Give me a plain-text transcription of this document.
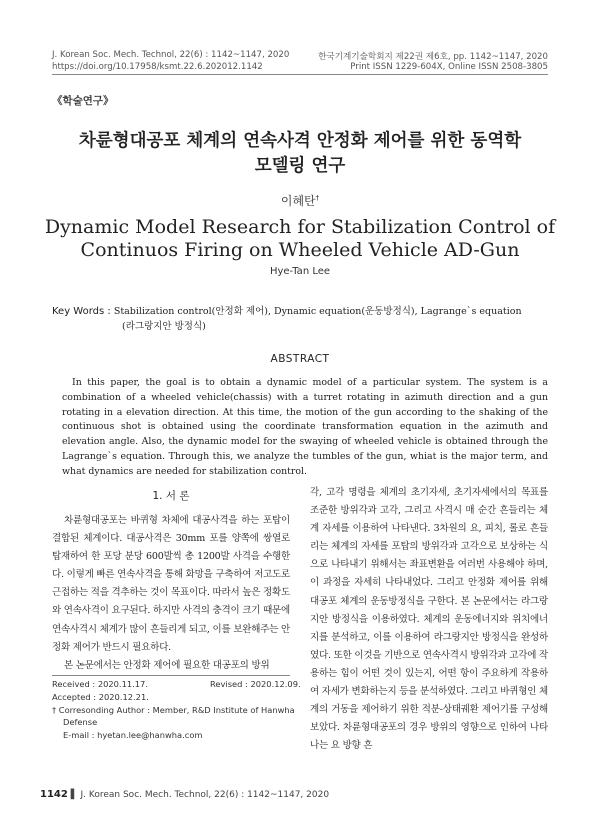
J. Korean Soc. Mech. Technol, 22(6) : 1142~1147, 2020
https://doi.org/10.17958/ksmt.22.6.202012.1142
한국기계기술학회지 제22권 제6호, pp. 1142~1147, 2020
Print ISSN 1229-604X, Online ISSN 2508-3805
《학술연구》
차륜형대공포 체계의 연속사격 안정화 제어를 위한 동역학
모델링 연구
이혜탄†
Dynamic Model Research for Stabilization Control of
Continuos Firing on Wheeled Vehicle AD-Gun
Hye-Tan Lee
Key Words : Stabilization control(안정화 제어), Dynamic equation(운동방정식), Lagrange`s equation
(라그랑지안 방정식)
ABSTRACT
In this paper, the goal is to obtain a dynamic model of a particular system. The system is a combination of a wheeled vehicle(chassis) with a turret rotating in azimuth direction and a gun rotating in a elevation direction. At this time, the motion of the gun according to the shaking of the continuous shot is obtained using the coordinate transformation equation in the azimuth and elevation angle. Also, the dynamic model for the swaying of wheeled vehicle is obtained through the Lagrange`s equation. Through this, we analyze the tumbles of the gun, whiat is the major term, and what dynamics are needed for stabilization control.
1. 서 론

차륜형대공포는 바퀴형 차체에 대공사격을 하는 포탑이 결합된 체계이다. 대공사격은 30mm 포를 양쪽에 쌍열로 탑재하여 한 포당 분당 600발씩 총 1200발 사격을 수행한다. 이렇게 빠른 연속사격을 통해 화망을 구축하여 저고도로 근접하는 적을 격추하는 것이 목표이다. 따라서 높은 정확도와 연속사격이 요구된다. 하지만 사격의 충격이 크기 때문에 연속사격시 체계가 많이 흔들리게 되고, 이를 보완해주는 안정화 제어가 반드시 필요하다.

본 논문에서는 안정화 제어에 필요한 대공포의 방위

Received : 2020.11.17.	Revised : 2020.12.09.
Accepted : 2020.12.21.
† Corresonding Author : Member, R&D Institute of Hanwha
Defense
E-mail : hyetan.lee@hanwha.com

각, 고각 명령을 체계의 초기자세, 초기자세에서의 목표를 조준한 방위각과 고각, 그리고 사격시 매 순간 흔들리는 체계 자세를 이용하여 나타낸다. 3차원의 요, 피치, 롤로 흔들리는 체계의 자세를 포탑의 방위각과 고각으로 보상하는 식으로 나타내기 위해서는 좌표변환을 여러번 사용해야 하며, 이 과정을 자세히 나타내었다. 그리고 안정화 제어를 위해 대공포 체계의 운동방정식을 구한다. 본 논문에서는 라그랑지안 방정식을 이용하였다. 체계의 운동에너지와 위치에너지를 분석하고, 이를 이용하여 라그랑지안 방정식을 완성하였다. 또한 이것을 기반으로 연속사격시 방위각과 고각에 작용하는 힘이 어떤 것이 있는지, 어떤 항이 주요하게 작용하여 자세가 변화하는지 등을 분석하였다. 그리고 바퀴형인 체계의 거동을 제어하기 위한 적분-상태궤환 제어기를 구성해 보았다. 차륜형대공포의 경우 방위의 영향으로 인하여 나타나는 요 방향 흔

1142 ▌ J. Korean Soc. Mech. Technol, 22(6) : 1142~1147, 2020
